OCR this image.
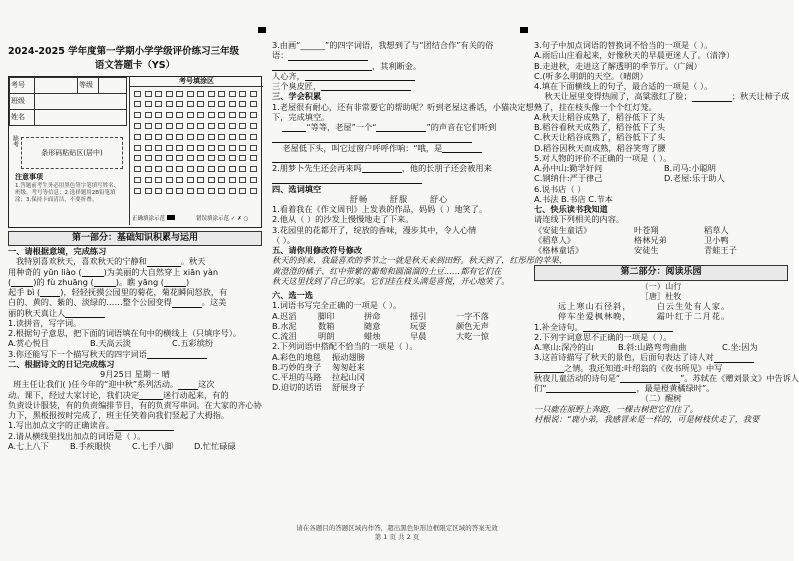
2024-2025 学年度第一学期小学学级评价练习三年级
语文答题卡（YS）
考号		等级	
班级			
姓名			
缺考
条形码粘贴区(居中)
注意事项
1.答题前考生务必用黑色签字笔填写姓名、班级、考号等信息；2.选择题用2B铅笔填涂；3.保持卡面清洁，不要折叠。
考号填涂区
正确填涂示范	错误填涂示范 ✓ ✗ ○
第一部分：基础知识积累与运用
一、请根据意境，完成练习
我特别喜欢秋天，喜欢秋天的宁静和	。秋天
用种奇的 yǔn liào (	)为美丽的大自然穿上 xiān yàn
(	)的 fù zhuāng (	)。瞧 yāng (	)
起手 bì ( )，轻轻抚摸公园里的菊花，菊花瞬间怒放，有
白的、黄的、紫的、淡绿的……整个公园变得	。这美
丽的秋天真让人
1.读拼音，写字词。
2.根据句子意思，把下面的词语填在句中的横线上（只填序号）。
A.赏心悦目	B.天高云淡	C.五彩缤纷
3.你还能写下一个描写秋天的四字词语
二、根据诗文的日记完成练习
9月25日 星期一 晴
班主任让我们( )任今年的“迎中秋”系列活动。 这次
动。课下，经过大家讨论，我们决定	迷行动起来，有的
负责设计服装，有的负责编排节目，有的负责写串词。在大家的齐心协
力下，黑板报按时完成了，班主任笑着向我们竖起了大拇指。
1.写出加点文字的正确读音。
2.请从横线里找出加点的词语是（ ）。
A.七上八下	B.手疾眼快	C.七手八脚	D.忙忙碌碌
3.由画“______”的四字词语，我想到了与“团结合作”有关的俗
语：
，其利断金。
人心齐，
三个臭皮匠，
三、学会积累
1.老屋很有耐心，还有非常要它的帮助呢？听到老屋这番话，小猫决定想一
下，完成填空。
“等等，老屋”一个“	”的声音在它们听到
老屋低下头，叫它过窗户呼呼作响：“哦，是
2.朋梦卜先生还会再来吗	，他的长朋子还会被用来
四、选词填空
舒畅	舒服	舒心
1.看着我在《作文周刊》上发表的作品，妈妈（ ）地笑了。
2.他从（ ）的沙发上慢慢地走了下来。
3.花园里的花都开了，绽放的香味，漫步其中，令人心情
（ ）。
五、请你用修改符号修改
秋天的到来，我最喜欢的季节之一就是秋天来到田野。秋天到了，红彤彤的苹果、
黄澄澄的橘子、红中带紫的葡萄和圆溜溜的土豆……都有它们在
秋天这里找到了自己的家。它们挂在枝头满是喜悦，开心地笑了。
六、选一选
1.词语书写完全正确的一项是（ ）。
A.迟滔	脚印	拼命	揺引	一字不落
B.水泥	数箱	随意	玩耍	颜色无声
C.流泪	明朗	蜡烛	早晨	大吃一惊
2.下列词语中搭配不恰当的一项是（ ）。
A.彩色的地毯 振动翅膀
B.巧妙的身子 匆匆赶来
C.平坦的马路 拉起山冈
D.迫切的话语 舒展身子
3.句子中加点词语的替换词不恰当的一项是（ ）。
A.雨后山庄看起来，好像秋天的早晨更迷人了。（清净）
B.走进秋，走进这了解透明的季节厅。（广阔）
C.(听多么明朗的天空。（晴朗）
4.填在下面横线上的句子，最合适的一项是（ ）。
秋天让屋里变得热闹了，高粱涨红了脸；	；秋天让柿子成
熟了，挂在枝头像一个个红灯笼。
A.秋天让稻谷成熟了，稻谷低下了头
B.稻谷看秋天成熟了，稻谷低下了头
C.秋天让稻谷成熟了，稻谷低下了头
D.稻谷因秋天而成熟，稻谷笑弯了腰
5.对人物的评价不正确的一项是（ ）。
A.孙中山:勤学好问	B.司马:小聪明
C.钢纳什:严于律己	D.老屋:乐于助人
6.说书店（ ）
A.书法 B.书店 C.节本
七、快乐读书我知道
请连线下列相关的内容。
《安徒生童话》	叶苍翔	稻草人
《稻草人》	格林兄弟	卫小鸭
《格林童话》	安徒生	青蛙王子
第二部分：阅读乐园
（一）山行
［唐］杜牧
远上寒山石径斜，	白云生处有人家。
停车坐爱枫林晚，	霜叶红于二月花。
1.补全诗句。
2.下列字词意思不正确的一项是（ ）。
A.寒山:深冷的山	B.斜:山路弯弯曲曲	C.坐:因为
3.这首诗描写了秋天的景色，后面句表达了诗人对
之情。我还知道:叶绍翁的《夜书所见》中写
秋夜儿童活动的诗句是“	”。苏轼在《赠刘景文》中告诉人
们“	，最是橙黄橘绿时”。
（二）醒树
一只鹿在原野上奔跑，一棵古树把它们住了。
村根说：“鹿小弟，我感冒来是一样的，可是树枝伏走了，我要
请在各题目的答题区域内作答，超出黑色矩形边框限定区域的答案无效
第 1 页 共 2 页
